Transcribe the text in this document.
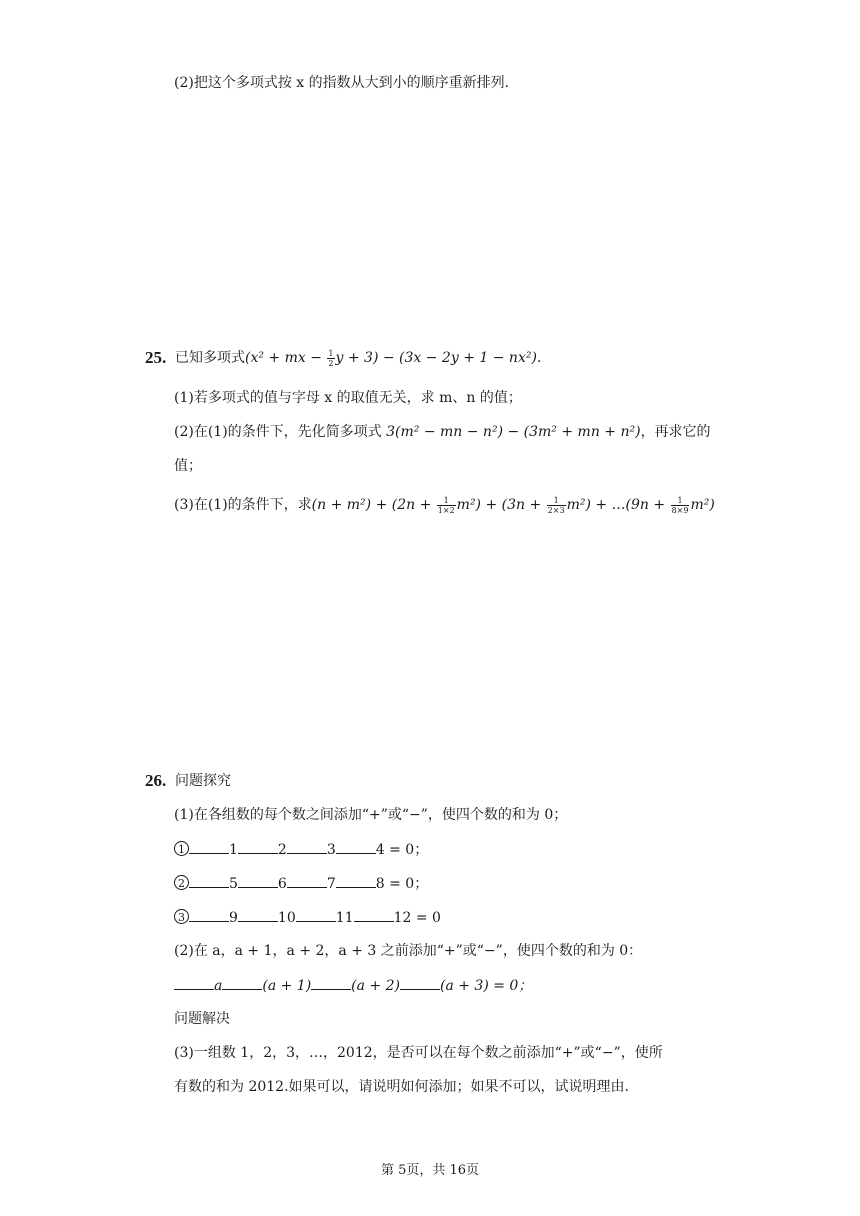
(2)把这个多项式按 x 的指数从大到小的顺序重新排列.
25. 已知多项式(x² + mx − $\frac{1}{2}$ y + 3) − (3x − 2y + 1 − nx²).
(1)若多项式的值与字母 x 的取值无关，求 m、n 的值；
(2)在(1)的条件下，先化简多项式 3(m² − mn − n²) − (3m² + mn + n²)，再求它的
值；
(3)在(1)的条件下，求$(n + m^2) + (2n + \frac{1}{1\times 2} m^2) + (3n + \frac{1}{2\times 3} m^2)$ + …(9n + $\frac{1}{8\times 9} m^2$)
26. 问题探究
(1)在各组数的每个数之间添加“+”或“−”，使四个数的和为 0；
1	1	2	3	4 = 0；
2	5	6	7	8 = 0；
3	9	10	11	12 = 0
(2)在 a，a + 1，a + 2，a + 3 之前添加“+”或“−”，使四个数的和为 0：
a	(a + 1)	(a + 2)	(a + 3) = 0；
问题解决
(3)一组数 1，2，3，…，2012，是否可以在每个数之前添加“+”或“−”，使所
有数的和为 2012.如果可以，请说明如何添加；如果不可以，试说明理由.
第 5页，共 16页
